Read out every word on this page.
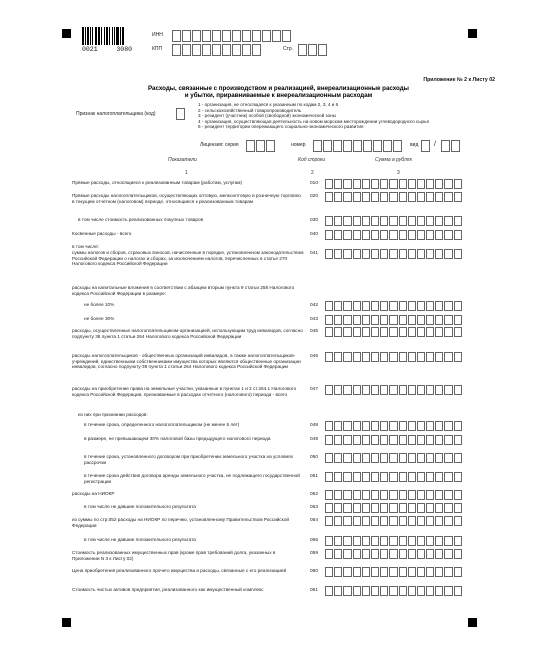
0021	3080
ИНН
КПП	Стр.
Приложение № 2 к Листу 02
Расходы, связанные с производством и реализацией, внереализационные расходы
и убытки, приравниваемые к внереализационным расходам
Признак налогоплательщика (код)
1 - организация, не относящаяся к указанным по кодам 2, 3, 4 и 6
2 - сельскохозяйственный товаропроизводитель
3 - резидент (участник) особой (свободной) экономической зоны
4 - организация, осуществляющая деятельность на новом морском месторождении углеводородного сырья
6 - резидент территории опережающего социально-экономического развития
Лицензия: серия	номер	вид /
Показатели	Код строки	Сумма в рублях
1	2	3
Прямые расходы, относящиеся к реализованным товарам (работам, услугам)	010
Прямые расходы налогоплательщиков, осуществляющих оптовую, мелкооптовую и розничную торговлю в текущем отчетном (налоговом) периоде, относящиеся к реализованным товарам
020
в том числе стоимость реализованных покупных товаров	030
Косвенные расходы - всего	040
в том числе:
суммы налогов и сборов, страховых взносов, начисленные в порядке, установленном законодательством Российской Федерации о налогах и сборах, за исключением налогов, перечисленных в статье 270 Налогового кодекса Российской Федерации
041
расходы на капитальные вложения в соответствии с абзацем вторым пункта 9 статьи 258 Налогового кодекса Российской Федерации в размере:
не более 10%	042
не более 30%	043
расходы, осуществленные налогоплательщиком-организацией, использующим труд инвалидов, согласно подпункту 38 пункта 1 статьи 264 Налогового кодекса Российской Федерации
045
расходы налогоплательщиков - общественных организаций инвалидов, а также налогоплательщиков-учреждений, единственными собственниками имущества которых являются общественные организации инвалидов, согласно подпункту 39 пункта 1 статьи 264 Налогового кодекса Российской Федерации
046
расходы на приобретение права на земельные участки, указанные в пунктах 1 и 2 ст.264.1 Налогового кодекса Российской Федерации, признаваемые в расходах отчетного (налогового) периода - всего
047
из них при признании расходов:
в течение срока, определенного налогоплательщиком (не менее 5 лет)	048
в размере, не превышающем 30% налоговой базы предыдущего налогового периода	049
в течение срока, установленного договором при приобретении земельного участка на условиях рассрочки
050
в течение срока действия договора аренды земельного участка, не подлежащего государственной регистрации
051
расходы на НИОКР	052
в том числе не давшие положительного результата	053
из суммы по стр.052 расходы на НИОКР по перечню, установленному Правительством Российской Федерации
054
в том числе не давшие положительного результата	055
Стоимость реализованных имущественных прав (кроме прав требований долга, указанных в Приложении N 3 к Листу 02)
059
Цена приобретения реализованного прочего имущества и расходы, связанные с его реализацией	060
Стоимость чистых активов предприятия, реализованного как имущественный комплекс	061
